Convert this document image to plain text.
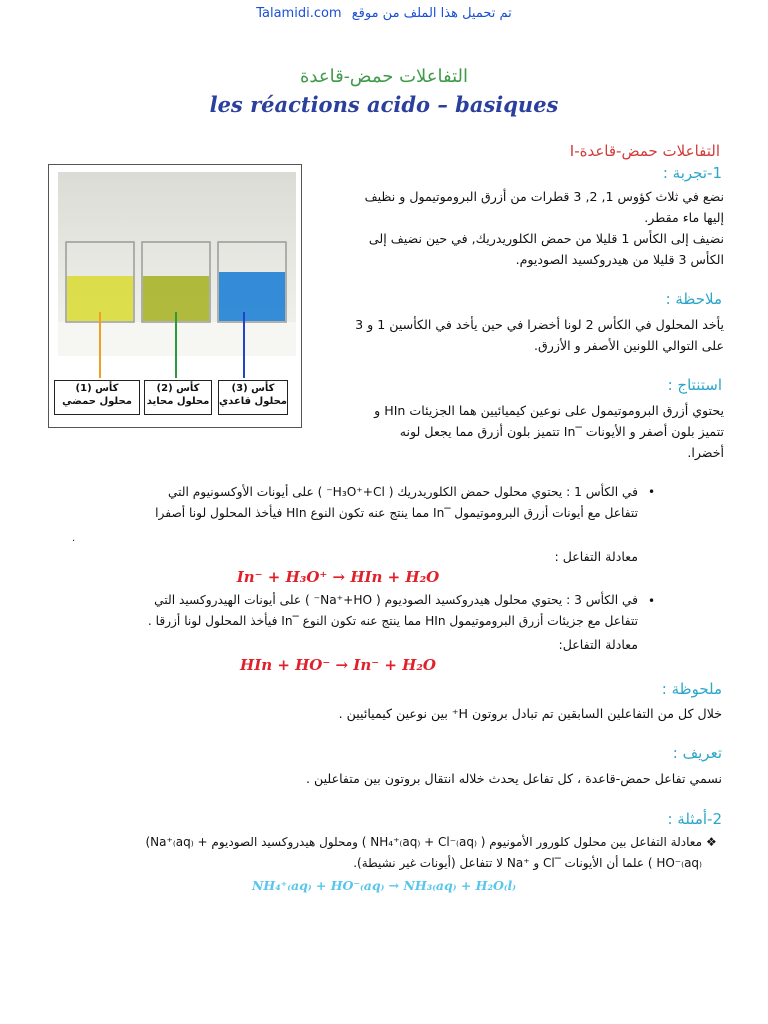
Talamidi.com تم تحميل هذا الملف من موقع
التفاعلات حمض-قاعدة
les réactions acido – basiques
كأس (1)
محلول حمضي
كأس (2)
محلول محايد
كأس (3)
محلول قاعدي
I-التفاعلات حمض-قاعدة
1-تجربة :
نضع في ثلاث كؤوس 1, 2, 3 قطرات من أزرق البروموتيمول و نظيف
إليها ماء مقطر.
نضيف إلى الكأس 1 قليلا من حمض الكلوريدريك, في حين نضيف إلى
الكأس 3 قليلا من هيدروكسيد الصوديوم.
ملاحظة :
يأخد المحلول في الكأس 2 لونا أخضرا في حين يأخد في الكأسين 1 و 3
على التوالي اللونين الأصفر و الأزرق.
استنتاج :
يحتوي أزرق البروموتيمول على نوعين كيميائيين هما الجزيئات HIn و
تتميز بلون أصفر و الأيونات ‾In تتميز بلون أزرق مما يجعل لونه
أخضرا.
•
في الكأس 1 : يحتوي محلول حمض الكلوريدريك ( H₃O⁺+Cl⁻ ) على أيونات الأوكسونيوم التي
تتفاعل مع أيونات أزرق البروموتيمول ‾In مما ينتج عنه تكون النوع HIn فيأخذ المحلول لونا أصفرا
.
معادلة التفاعل :
In⁻ + H₃O⁺ → HIn + H₂O
•
في الكأس 3 : يحتوي محلول هيدروكسيد الصوديوم ( Na⁺+HO⁻ ) على أيونات الهيدروكسيد التي
تتفاعل مع جزيئات أزرق البروموتيمول HIn مما ينتج عنه تكون النوع ‾In فيأخذ المحلول لونا أزرقا .
معادلة التفاعل:
HIn + HO⁻ → In⁻ + H₂O
ملحوظة :
خلال كل من التفاعلين السابقين تم تبادل بروتون H⁺ بين نوعين كيميائيين .
تعريف :
نسمي تفاعل حمض-قاعدة ، كل تفاعل يحدث خلاله انتقال بروتون بين متفاعلين .
2-أمثلة :
❖
معادلة التفاعل بين محلول كلورور الأمونيوم ( NH₄⁺₍aq₎ + Cl⁻₍aq₎ ) ومحلول هيدروكسيد الصوديوم + Na⁺₍aq₎)
HO⁻₍aq₎ ) علما أن الأيونات ‾Cl و ⁺Na لا تتفاعل (أيونات غير نشيطة).
NH₄⁺₍aq₎ + HO⁻₍aq₎ → NH₃₍aq₎ + H₂O₍l₎
